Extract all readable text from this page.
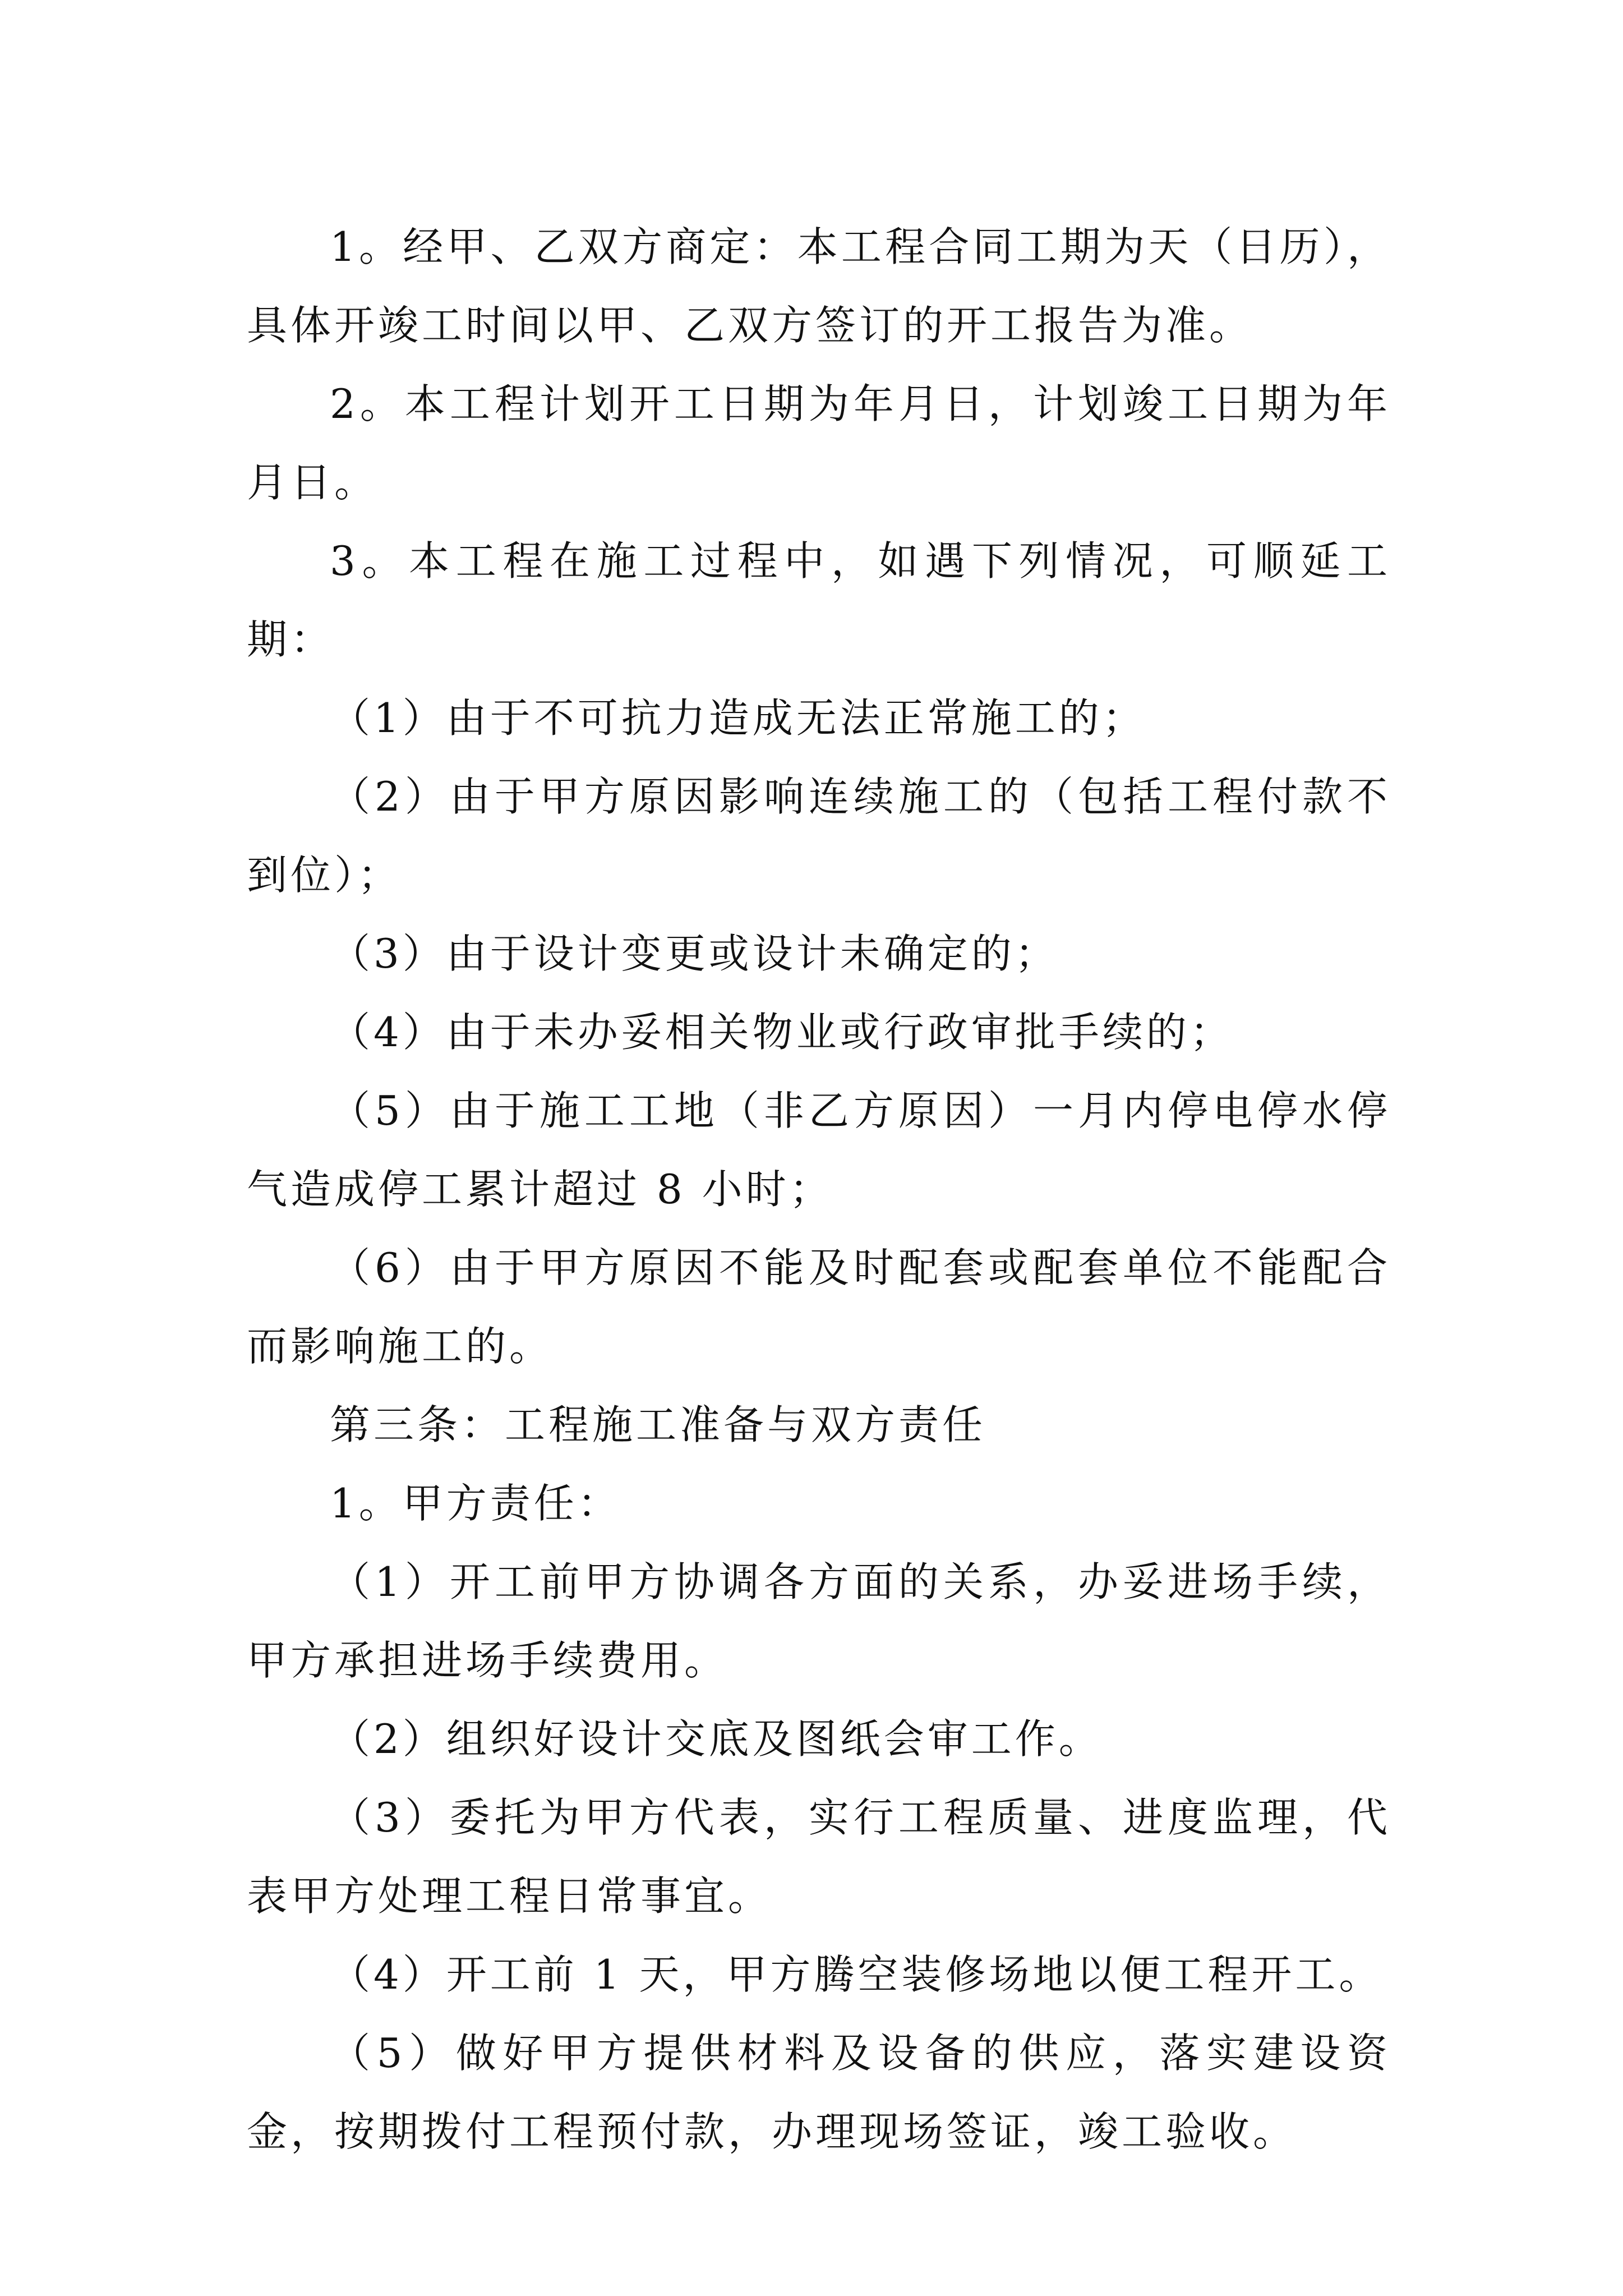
1。经甲、乙双方商定：本工程合同工期为天（日历），具体开竣工时间以甲、乙双方签订的开工报告为准。

2。本工程计划开工日期为年月日，计划竣工日期为年月日。

3。本工程在施工过程中，如遇下列情况，可顺延工期：

（1）由于不可抗力造成无法正常施工的；

（2）由于甲方原因影响连续施工的（包括工程付款不到位）；

（3）由于设计变更或设计未确定的；

（4）由于未办妥相关物业或行政审批手续的；

（5）由于施工工地（非乙方原因）一月内停电停水停气造成停工累计超过 8 小时；

（6）由于甲方原因不能及时配套或配套单位不能配合而影响施工的。

第三条：工程施工准备与双方责任

1。甲方责任：

（1）开工前甲方协调各方面的关系，办妥进场手续，甲方承担进场手续费用。

（2）组织好设计交底及图纸会审工作。

（3）委托为甲方代表，实行工程质量、进度监理，代表甲方处理工程日常事宜。

（4）开工前 1 天，甲方腾空装修场地以便工程开工。

（5）做好甲方提供材料及设备的供应，落实建设资金，按期拨付工程预付款，办理现场签证，竣工验收。
